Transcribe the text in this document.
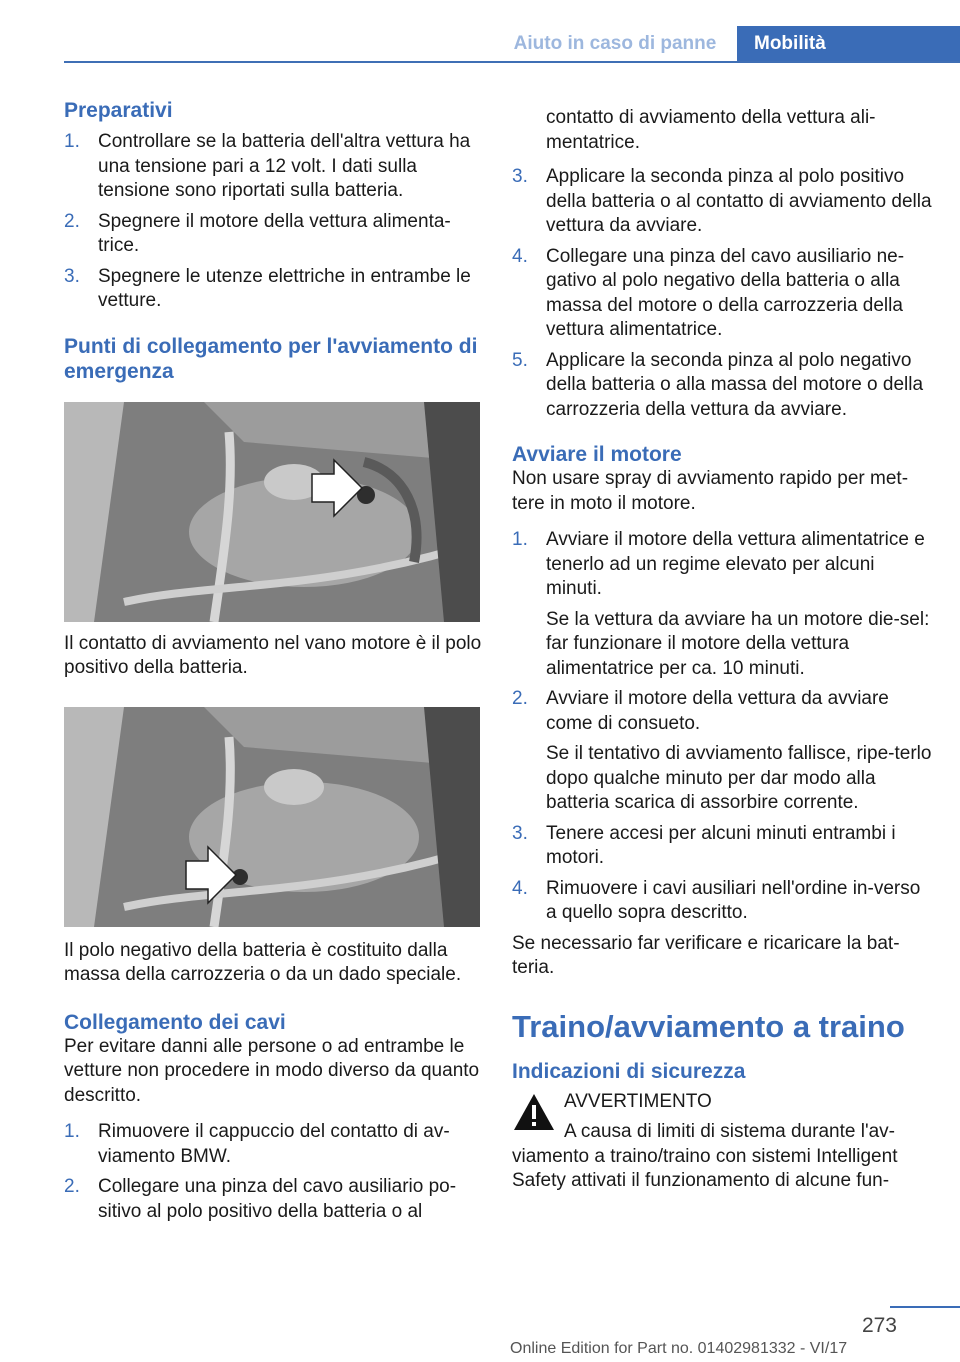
Aiuto in caso di panne	Mobilità
Preparativi
1. Controllare se la batteria dell'altra vettura ha una tensione pari a 12 volt. I dati sulla tensione sono riportati sulla batteria.
2. Spegnere il motore della vettura alimenta‐trice.
3. Spegnere le utenze elettriche in entrambe le vetture.
Punti di collegamento per l'avviamento di emergenza

Il contatto di avviamento nel vano motore è il polo positivo della batteria.

Il polo negativo della batteria è costituito dalla massa della carrozzeria o da un dado speciale.

Collegamento dei cavi

Per evitare danni alle persone o ad entrambe le vetture non procedere in modo diverso da quanto descritto.

1. Rimuovere il cappuccio del contatto di av‐viamento BMW.
2. Collegare una pinza del cavo ausiliario po‐sitivo al polo positivo della batteria o al

contatto di avviamento della vettura ali‐mentatrice.

3. Applicare la seconda pinza al polo positivo della batteria o al contatto di avviamento della vettura da avviare.
4. Collegare una pinza del cavo ausiliario ne‐gativo al polo negativo della batteria o alla massa del motore o della carrozzeria della vettura alimentatrice.
5. Applicare la seconda pinza al polo negativo della batteria o alla massa del motore o della carrozzeria della vettura da avviare.
Avviare il motore

Non usare spray di avviamento rapido per met‐tere in moto il motore.

1. Avviare il motore della vettura alimentatrice e tenerlo ad un regime elevato per alcuni minuti.

Se la vettura da avviare ha un motore die‐sel: far funzionare il motore della vettura alimentatrice per ca. 10 minuti.

2. Avviare il motore della vettura da avviare come di consueto.

Se il tentativo di avviamento fallisce, ripe‐terlo dopo qualche minuto per dar modo alla batteria scarica di assorbire corrente.

3. Tenere accesi per alcuni minuti entrambi i motori.
4. Rimuovere i cavi ausiliari nell'ordine in‐verso a quello sopra descritto.

Se necessario far verificare e ricaricare la bat‐teria.

Traino/avviamento a traino
Indicazioni di sicurezza

AVVERTIMENTO

A causa di limiti di sistema durante l'av‐viamento a traino/traino con sistemi Intelligent Safety attivati il funzionamento di alcune fun‐

273
Online Edition for Part no. 01402981332 - VI/17
